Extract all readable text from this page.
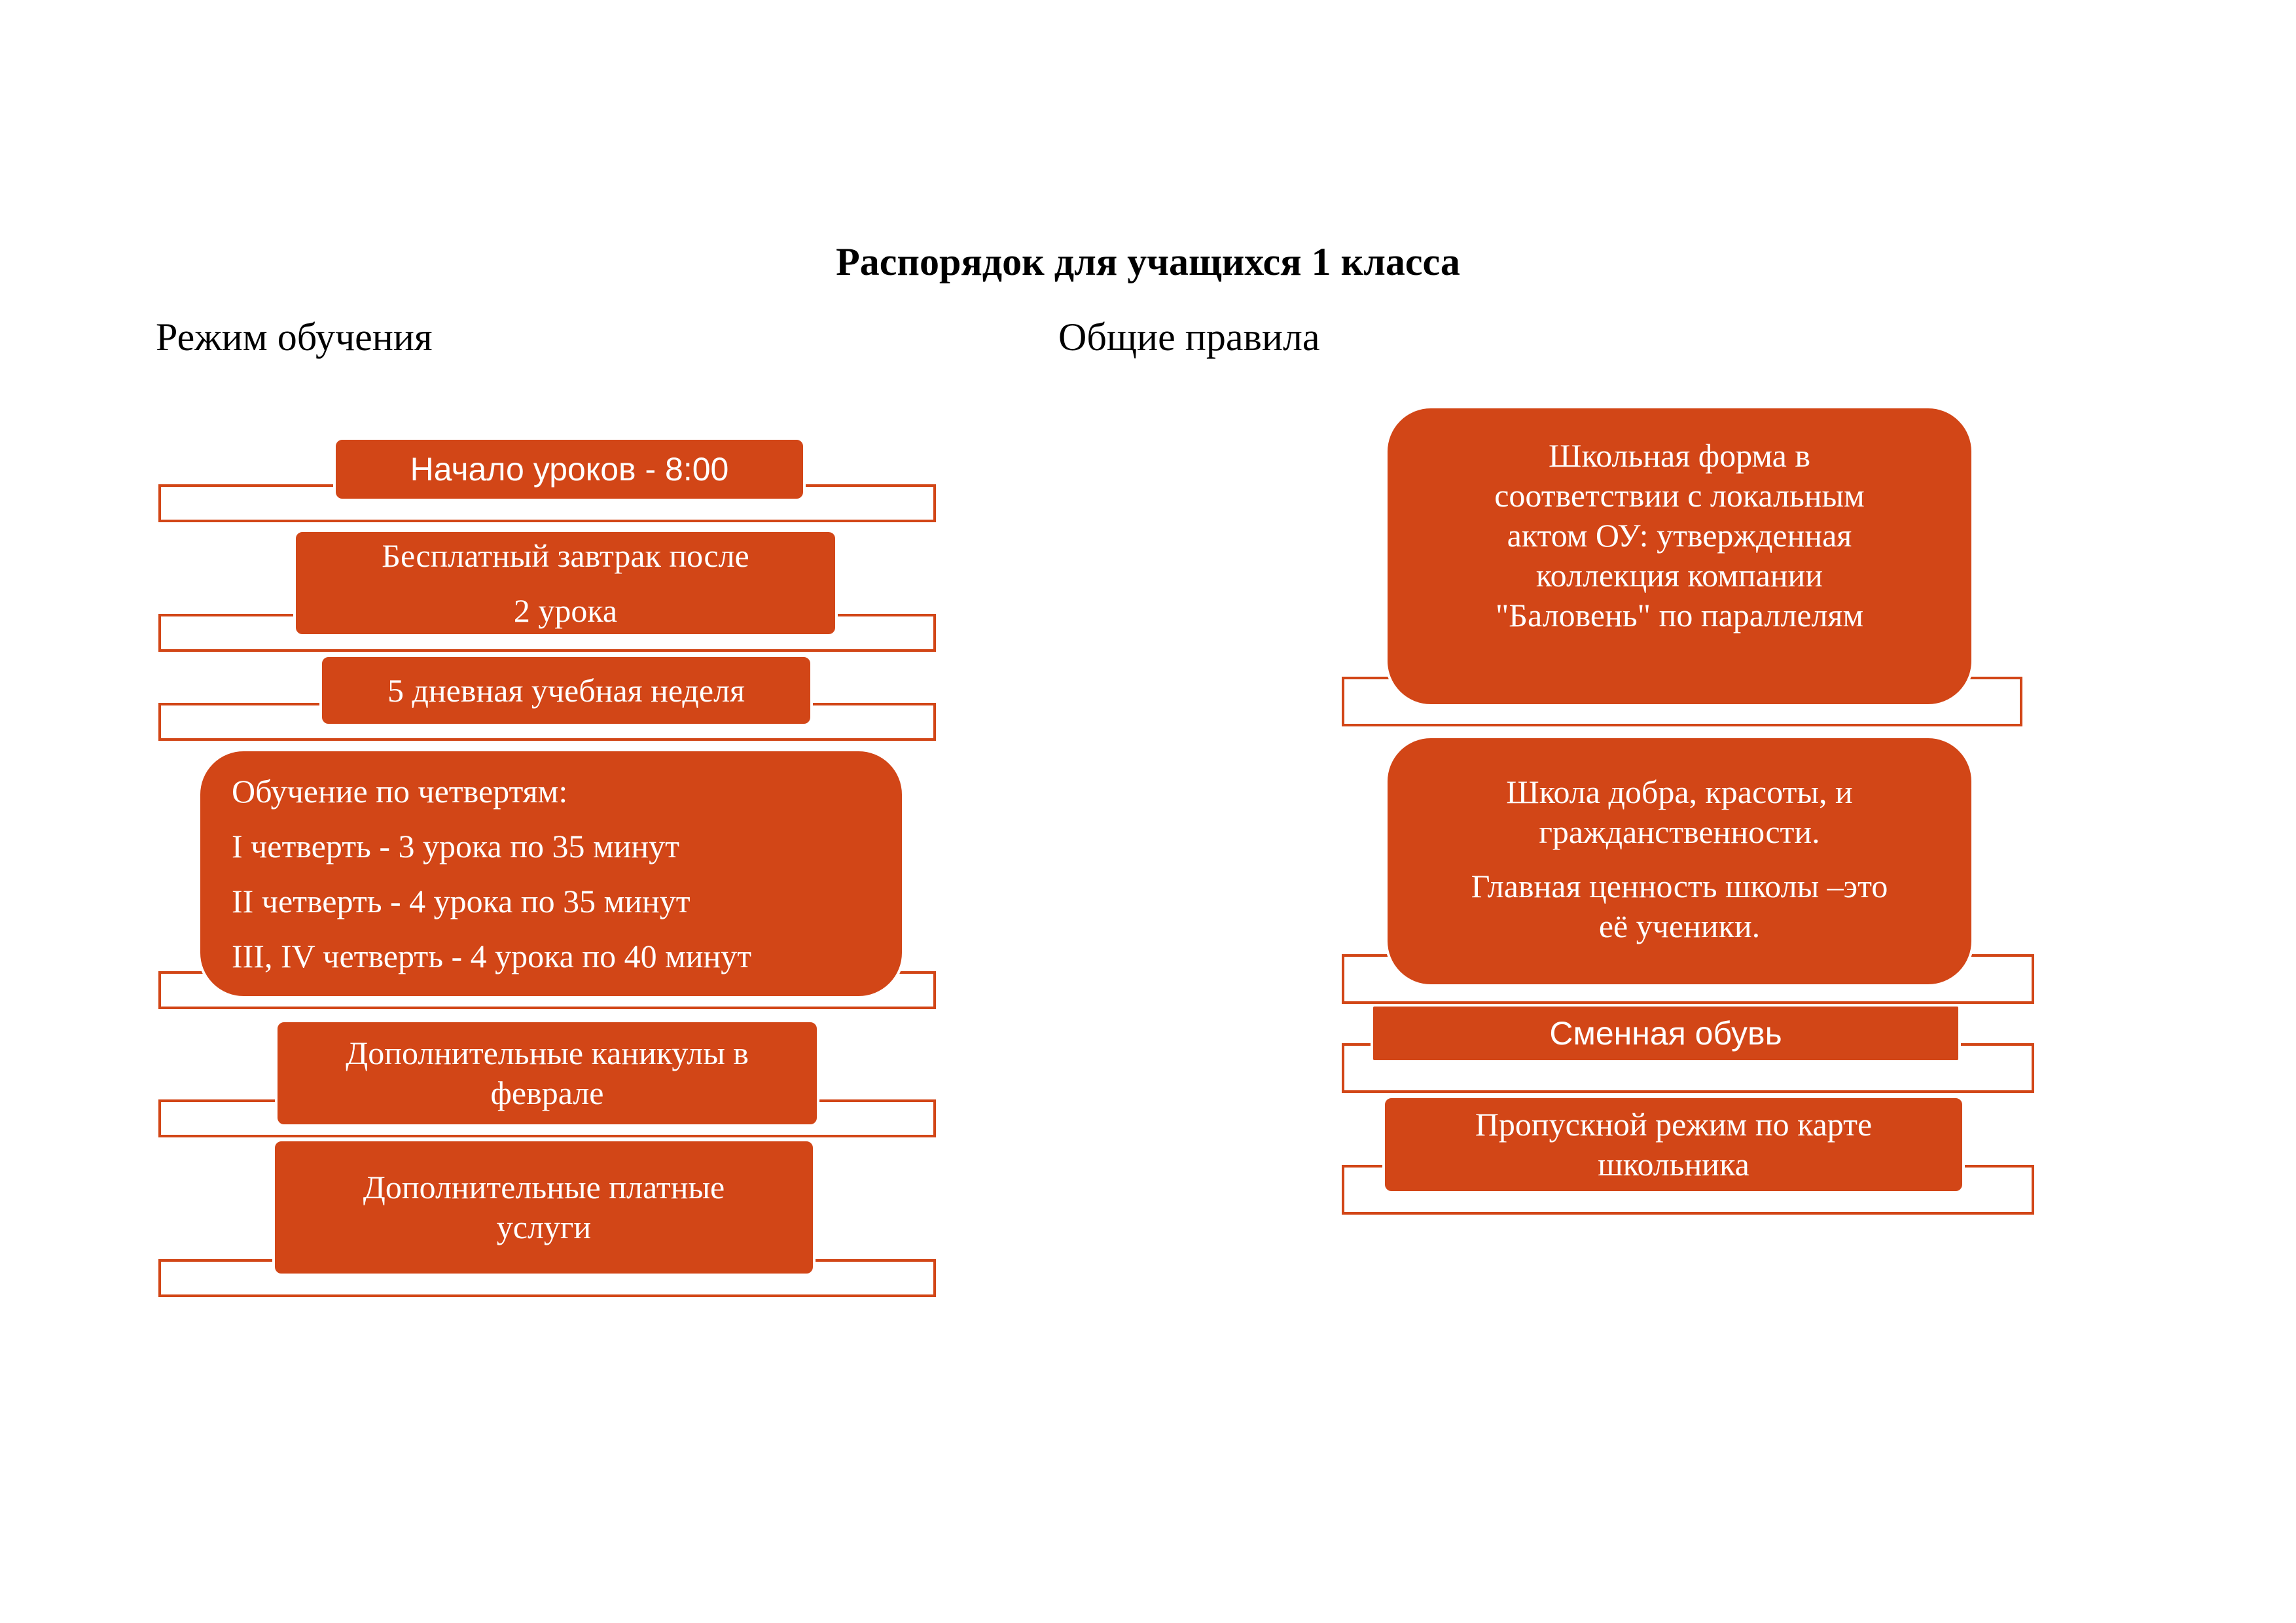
Распорядок для учащихся 1 класса
Режим обучения	Общие правила

Начало уроков - 8:00

Бесплатный завтрак после

2 урока

5 дневная учебная неделя

Обучение по четвертям:

I четверть - 3 урока по 35 минут

II четверть - 4 урока по 35 минут

III, IV четверть - 4 урока по 40 минут

Дополнительные каникулы в

феврале

Дополнительные платные

услуги

Школьная форма в

соответствии с локальным

актом ОУ: утвержденная

коллекция компании

"Баловень" по параллелям

Школа добра, красоты, и

гражданственности.

Главная ценность школы –это

её ученики.

Сменная обувь

Пропускной режим по карте

школьника
